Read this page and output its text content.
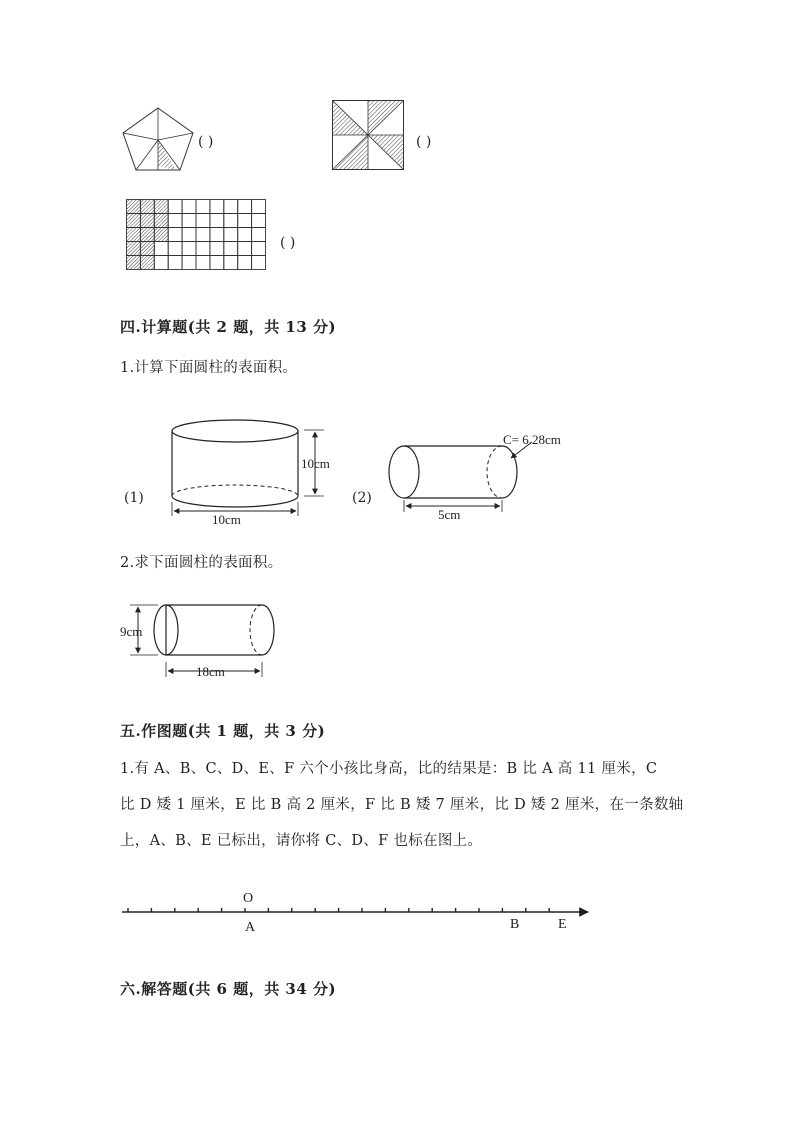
( )	( )
( )
四.计算题(共 2 题，共 13 分)
1.计算下面圆柱的表面积。
(1)
10cm
10cm
(2)
C= 6.28cm
5cm
2.求下面圆柱的表面积。
9cm
18cm
五.作图题(共 1 题，共 3 分)
1.有 A、B、C、D、E、F 六个小孩比身高，比的结果是：B 比 A 高 11 厘米，C
比 D 矮 1 厘米，E 比 B 高 2 厘米，F 比 B 矮 7 厘米，比 D 矮 2 厘米，在一条数轴
上，A、B、E 已标出，请你将 C、D、F 也标在图上。
O
A	B	E
六.解答题(共 6 题，共 34 分)
